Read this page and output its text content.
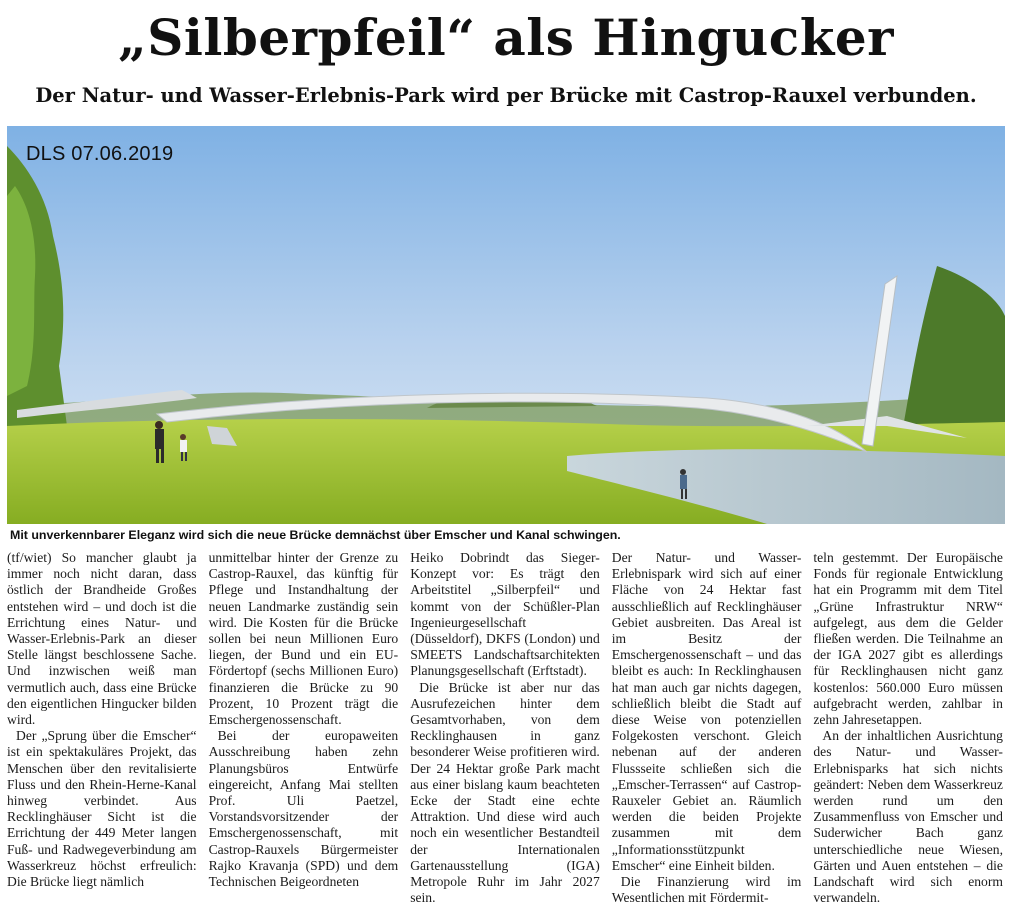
„Silberpfeil“ als Hingucker
Der Natur- und Wasser-Erlebnis-Park wird per Brücke mit Castrop-Rauxel verbunden.
DLS 07.06.2019
Mit unverkennbarer Eleganz wird sich die neue Brücke demnächst über Emscher und Kanal schwingen.

(tf/wiet) So mancher glaubt ja immer noch nicht daran, dass östlich der Brandheide Großes entstehen wird – und doch ist die Errichtung eines Natur- und Wasser-Erlebnis-Park an dieser Stelle längst beschlossene Sache. Und inzwischen weiß man vermutlich auch, dass eine Brücke den eigentlichen Hingucker bilden wird.

Der „Sprung über die Emscher“ ist ein spektakuläres Projekt, das Menschen über den revitalisierte Fluss und den Rhein-Herne-Kanal hinweg verbindet. Aus Recklinghäuser Sicht ist die Errichtung der 449 Meter langen Fuß- und Radwegeverbindung am Wasserkreuz höchst erfreulich: Die Brücke liegt nämlich

unmittelbar hinter der Grenze zu Castrop-Rauxel, das künftig für Pflege und Instandhaltung der neuen Landmarke zuständig sein wird. Die Kosten für die Brücke sollen bei neun Millionen Euro liegen, der Bund und ein EU-Fördertopf (sechs Millionen Euro) finanzieren die Brücke zu 90 Prozent, 10 Prozent trägt die Emschergenossenschaft.

Bei der europaweiten Ausschreibung haben zehn Planungsbüros Entwürfe eingereicht, Anfang Mai stellten Prof. Uli Paetzel, Vorstandsvorsitzender der Emschergenossenschaft, mit Castrop-Rauxels Bürgermeister Rajko Kravanja (SPD) und dem Technischen Beigeordneten

Heiko Dobrindt das Sieger-Konzept vor: Es trägt den Arbeitstitel „Silberpfeil“ und kommt von der Schüßler-Plan Ingenieurgesellschaft (Düsseldorf), DKFS (London) und SMEETS Landschaftsarchitekten Planungsgesellschaft (Erftstadt).

Die Brücke ist aber nur das Ausrufezeichen hinter dem Gesamtvorhaben, von dem Recklinghausen in ganz besonderer Weise profitieren wird. Der 24 Hektar große Park macht aus einer bislang kaum beachteten Ecke der Stadt eine echte Attraktion. Und diese wird auch noch ein wesentlicher Bestandteil der Internationalen Gartenausstellung (IGA) Metropole Ruhr im Jahr 2027 sein.

Der Natur- und Wasser-Erlebnispark wird sich auf einer Fläche von 24 Hektar fast ausschließlich auf Recklinghäuser Gebiet ausbreiten. Das Areal ist im Besitz der Emschergenossenschaft – und das bleibt es auch: In Recklinghausen hat man auch gar nichts dagegen, schließlich bleibt die Stadt auf diese Weise von potenziellen Folgekosten verschont. Gleich nebenan auf der anderen Flussseite schließen sich die „Emscher-Terrassen“ auf Castrop-Rauxeler Gebiet an. Räumlich werden die beiden Projekte zusammen mit dem „Informationsstützpunkt Emscher“ eine Einheit bilden.

Die Finanzierung wird im Wesentlichen mit Fördermit-

teln gestemmt. Der Europäische Fonds für regionale Entwicklung hat ein Programm mit dem Titel „Grüne Infrastruktur NRW“ aufgelegt, aus dem die Gelder fließen werden. Die Teilnahme an der IGA 2027 gibt es allerdings für Recklinghausen nicht ganz kostenlos: 560.000 Euro müssen aufgebracht werden, zahlbar in zehn Jahresetappen.

An der inhaltlichen Ausrichtung des Natur- und Wasser-Erlebnisparks hat sich nichts geändert: Neben dem Wasserkreuz werden rund um den Zusammenfluss von Emscher und Suderwicher Bach ganz unterschiedliche neue Wiesen, Gärten und Auen entstehen – die Landschaft wird sich enorm verwandeln.
